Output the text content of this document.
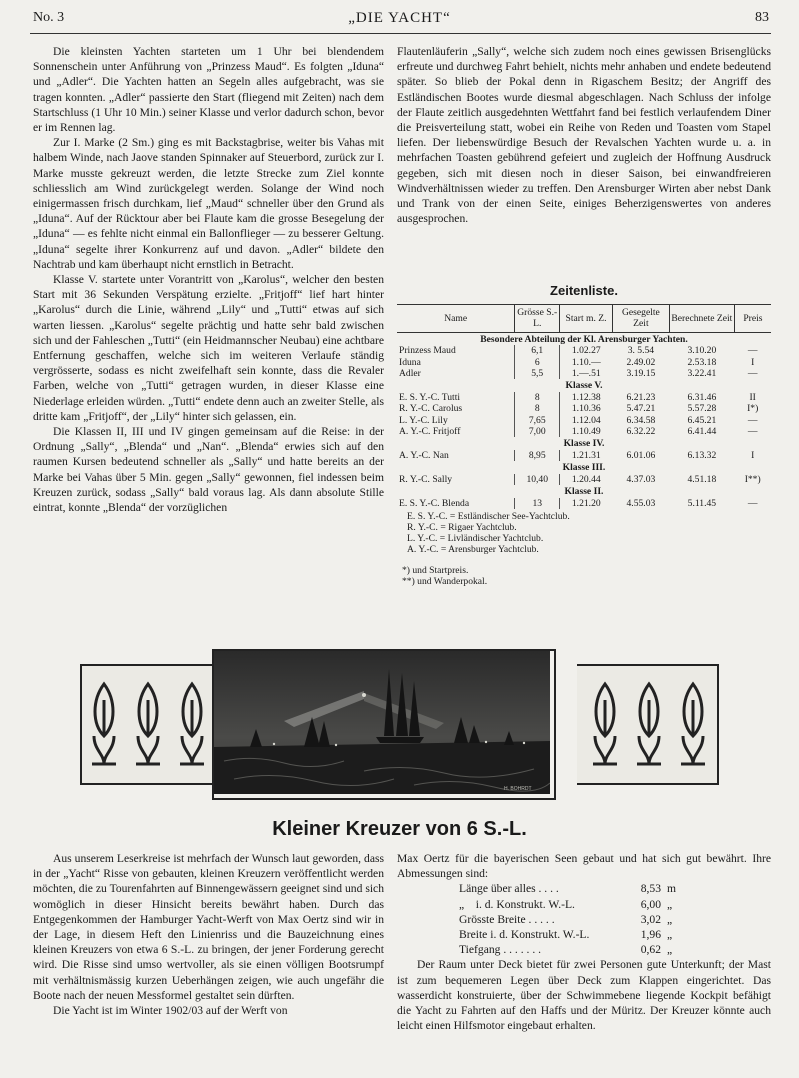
No. 3	„DIE YACHT“	83

Die kleinsten Yachten starteten um 1 Uhr bei blendendem Sonnenschein unter Anführung von „Prinzess Maud“. Es folgten „Iduna“ und „Adler“. Die Yachten hatten an Segeln alles aufgebracht, was sie tragen konnten. „Adler“ passierte den Start (fliegend mit Zeiten) nach dem Startschluss (1 Uhr 10 Min.) seiner Klasse und verlor dadurch schon, bevor er im Rennen lag.

Zur I. Marke (2 Sm.) ging es mit Backstagbrise, weiter bis Vahas mit halbem Winde, nach Jaove standen Spinnaker auf Steuerbord, zurück zur I. Marke musste gekreuzt werden, die letzte Strecke zum Ziel konnte schliesslich am Wind zurückgelegt werden. Solange der Wind noch einigermassen frisch durchkam, lief „Maud“ schneller über den Grund als „Iduna“. Auf der Rücktour aber bei Flaute kam die grosse Besegelung der „Iduna“ — es fehlte nicht einmal ein Ballonflieger — zu besserer Geltung. „Iduna“ segelte ihrer Konkurrenz auf und davon. „Adler“ bildete den Nachtrab und kam überhaupt nicht ernstlich in Betracht.

Klasse V. startete unter Vorantritt von „Karolus“, welcher den besten Start mit 36 Sekunden Verspätung erzielte. „Fritjoff“ lief hart hinter „Karolus“ durch die Linie, während „Lily“ und „Tutti“ etwas auf sich warten liessen. „Karolus“ segelte prächtig und hatte sehr bald zwischen sich und der Fahleschen „Tutti“ (ein Heidmannscher Neubau) eine achtbare Entfernung geschaffen, welche sich im weiteren Verlaufe ständig vergrösserte, sodass es nicht zweifelhaft sein konnte, dass die Revaler Farben, welche von „Tutti“ getragen wurden, in dieser Klasse eine Niederlage erleiden würden. „Tutti“ endete denn auch an zweiter Stelle, als dritte kam „Fritjoff“, der „Lily“ hinter sich gelassen, ein.

Die Klassen II, III und IV gingen gemeinsam auf die Reise: in der Ordnung „Sally“, „Blenda“ und „Nan“. „Blenda“ erwies sich auf den raumen Kursen bedeutend schneller als „Sally“ und hatte bereits an der Marke bei Vahas über 5 Min. gegen „Sally“ gewonnen, fiel indessen beim Kreuzen zurück, sodass „Sally“ bald voraus lag. Als dann absolute Stille eintrat, konnte „Blenda“ der vorzüglichen

Flautenläuferin „Sally“, welche sich zudem noch eines gewissen Brisenglücks erfreute und durchweg Fahrt behielt, nichts mehr anhaben und endete bedeutend später. So blieb der Pokal denn in Rigaschem Besitz; der Angriff des Estländischen Bootes wurde diesmal abgeschlagen. Nach Schluss der infolge der Flaute zeitlich ausgedehnten Wettfahrt fand bei festlich verlaufendem Diner die Preisverteilung statt, wobei ein Reihe von Reden und Toasten vom Stapel liefen. Der liebenswürdige Besuch der Revalschen Yachten wurde u. a. in mehrfachen Toasten gebührend gefeiert und zugleich der Hoffnung Ausdruck gegeben, sich mit diesen noch in dieser Saison, bei einwandfreieren Windverhältnissen wieder zu treffen. Den Arensburger Wirten aber nebst Dank und Trank von der einen Seite, einiges Beherzigenswertes von anderes ausgesprochen.

Zeitenliste.
Name	Grösse S.-L.	Start m. Z.	Gesegelte Zeit	Berechnete Zeit	Preis
Besondere Abteilung der Kl. Arensburger Yachten.					
Prinzess Maud	6,1	1.02.27	3. 5.54	3.10.20	—
Iduna	6	1.10.—	2.49.02	2.53.18	I
Adler	5,5	1.—.51	3.19.15	3.22.41	—
Klasse V.					
E. S. Y.-C. Tutti	8	1.12.38	6.21.23	6.31.46	II
R. Y.-C. Carolus	8	1.10.36	5.47.21	5.57.28	I*)
L. Y.-C. Lily	7,65	1.12.04	6.34.58	6.45.21	—
A. Y.-C. Fritjoff	7,00	1.10.49	6.32.22	6.41.44	—
Klasse IV.					
A. Y.-C. Nan	8,95	1.21.31	6.01.06	6.13.32	I
Klasse III.					
R. Y.-C. Sally	10,40	1.20.44	4.37.03	4.51.18	I**)
Klasse II.					
E. S. Y.-C. Blenda	13	1.21.20	4.55.03	5.11.45	—
E. S. Y.-C. = Estländischer See-Yachtclub.
R. Y.-C. = Rigaer Yachtclub.
L. Y.-C. = Livländischer Yachtclub.
A. Y.-C. = Arensburger Yachtclub.
*) und Startpreis.
**) und Wanderpokal.
H. BOHRDT
Kleiner Kreuzer von 6 S.-L.

Aus unserem Leserkreise ist mehrfach der Wunsch laut geworden, dass in der „Yacht“ Risse von gebauten, kleinen Kreuzern veröffentlicht werden möchten, die zu Tourenfahrten auf Binnengewässern geeignet sind und sich womöglich in dieser Hinsicht bereits bewährt haben. Durch das Entgegenkommen der Hamburger Yacht-Werft von Max Oertz sind wir in der Lage, in diesem Heft den Linienriss und die Bauzeichnung eines kleinen Kreuzers von etwa 6 S.-L. zu bringen, der jener Forderung gerecht wird. Die Risse sind umso wertvoller, als sie einen völligen Bootsrumpf mit verhältnismässig kurzen Ueberhängen zeigen, wie auch ungefähr die Boote nach der neuen Messformel gestaltet sein dürften.

Die Yacht ist im Winter 1902/03 auf der Werft von

Max Oertz für die bayerischen Seen gebaut und hat sich gut bewährt. Ihre Abmessungen sind:

Länge über alles . . . .	8,53 m
„    i. d. Konstrukt. W.-L.	6,00 „
Grösste Breite . . . . .	3,02 „
Breite i. d. Konstrukt. W.-L.	1,96 „
Tiefgang . . . . . . .	0,62 „

Der Raum unter Deck bietet für zwei Personen gute Unterkunft; der Mast ist zum bequemeren Legen über Deck zum Klappen eingerichtet. Das wasserdicht konstruierte, über der Schwimmebene liegende Kockpit befähigt die Yacht zu Fahrten auf den Haffs und der Müritz. Der Kreuzer könnte auch leicht einen Hilfsmotor eingebaut erhalten.
